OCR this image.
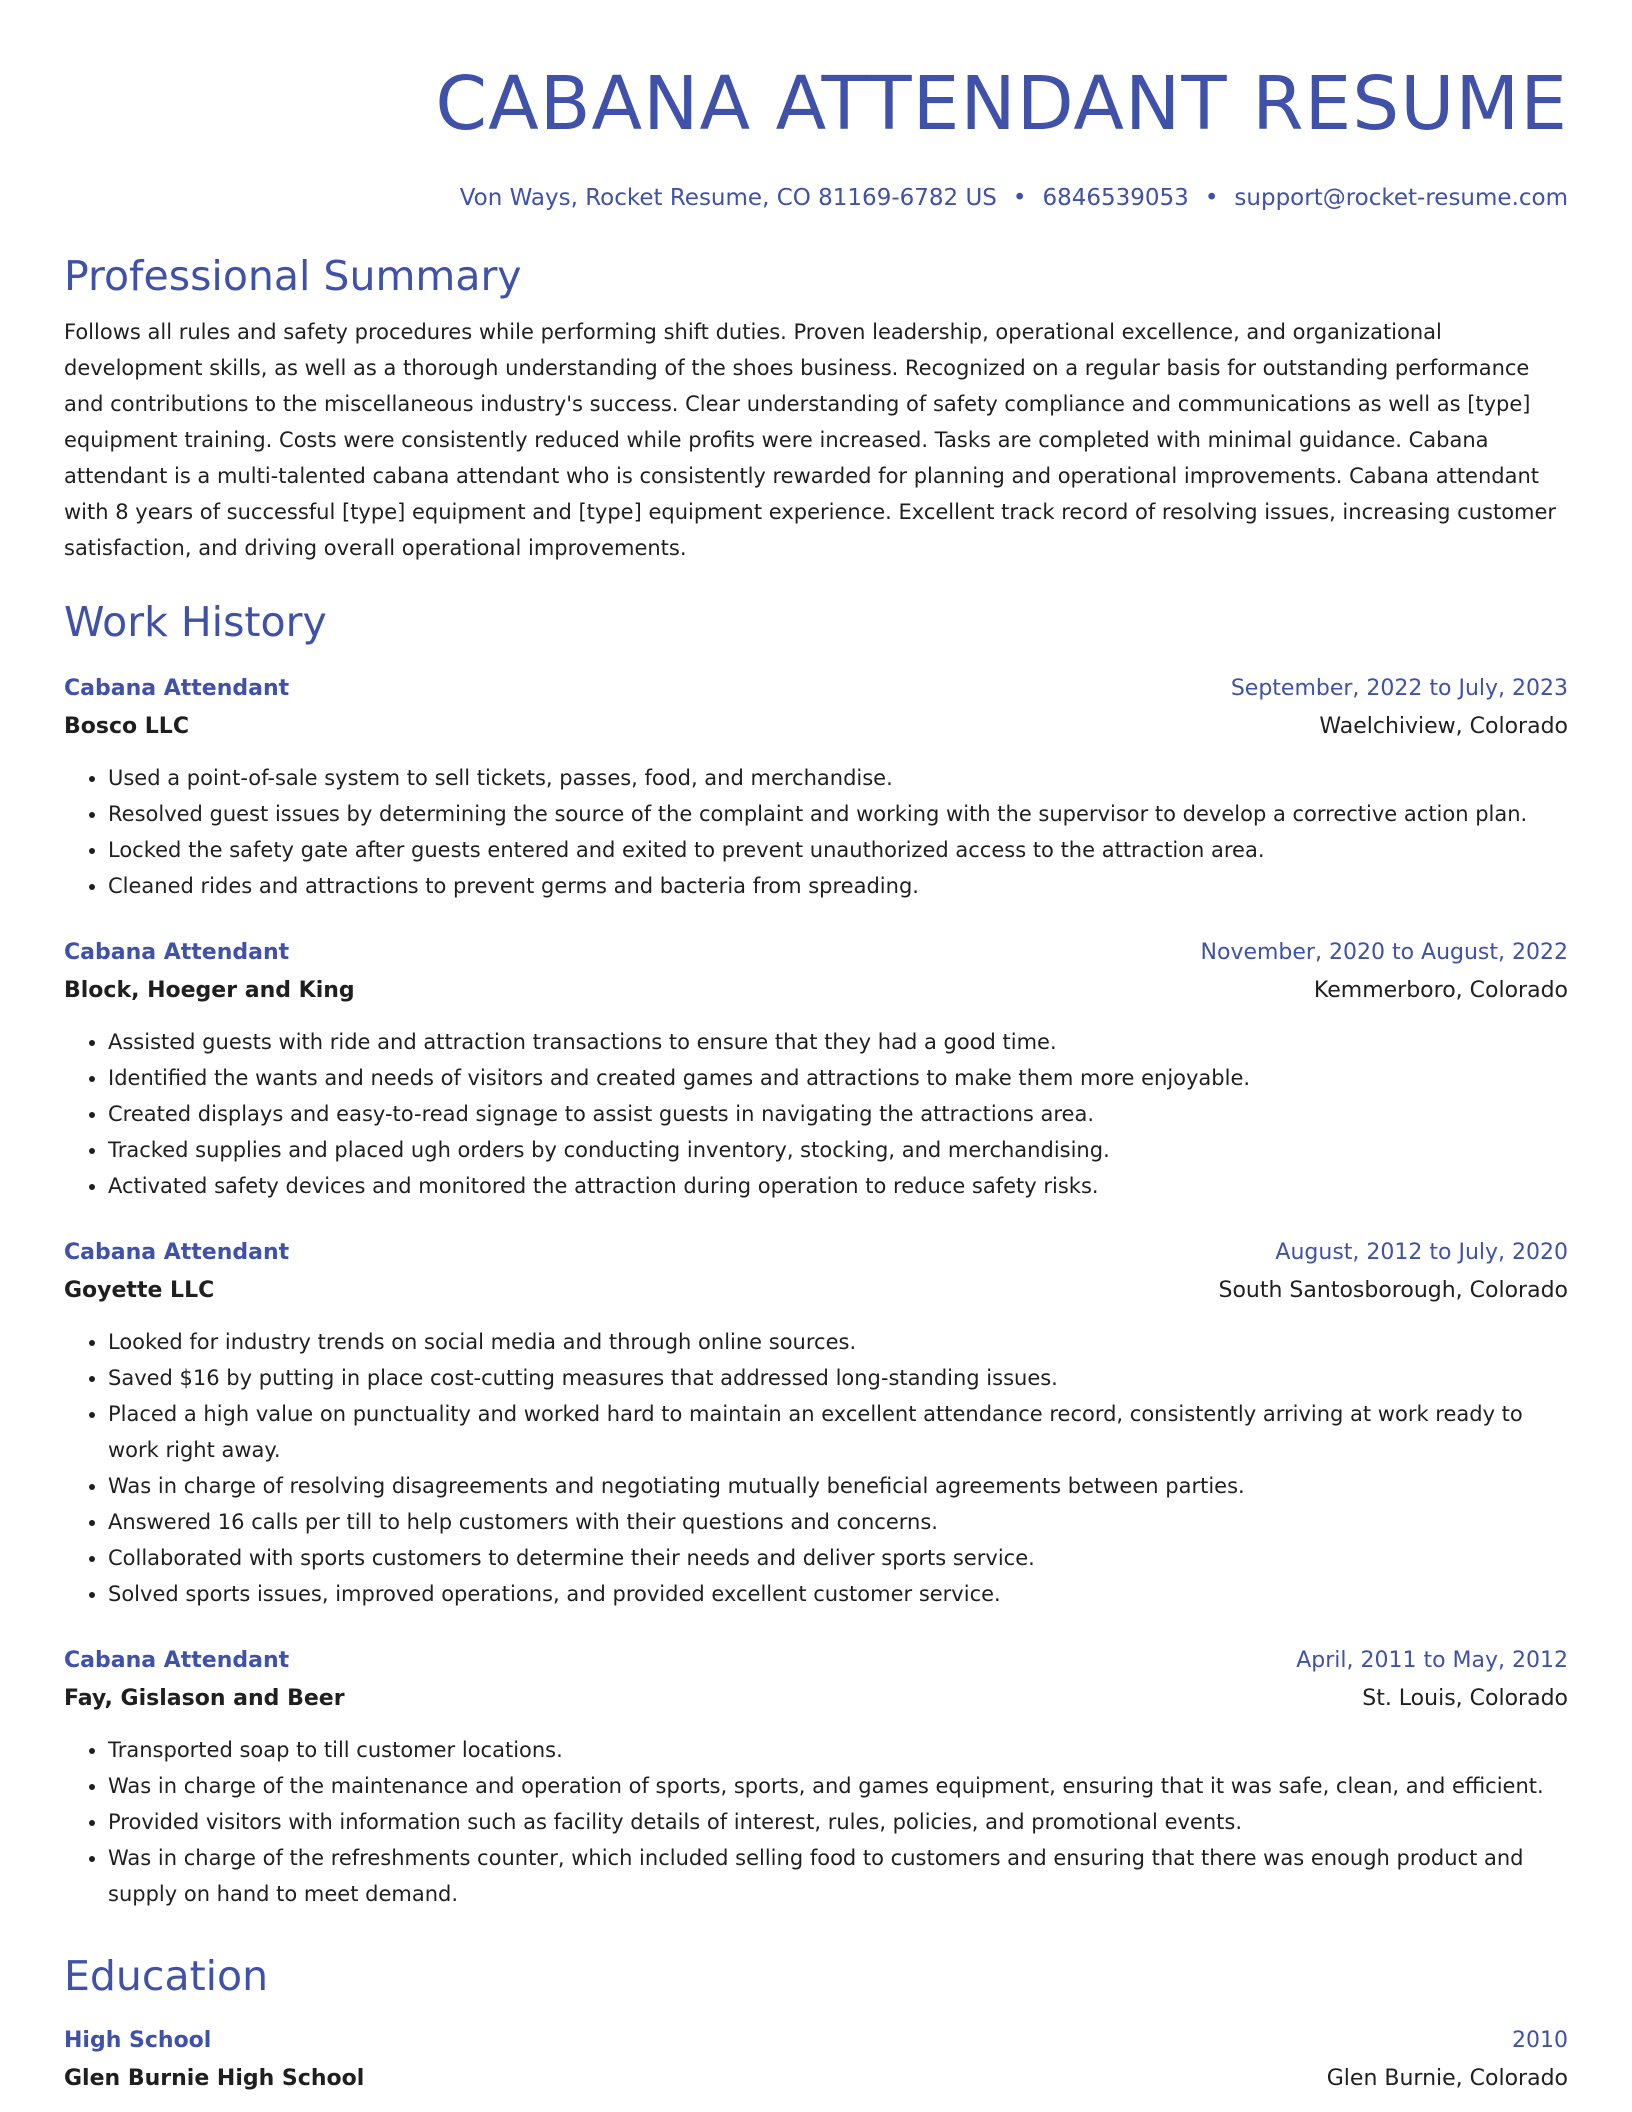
CABANA ATTENDANT RESUME
Von Ways, Rocket Resume, CO 81169-6782 US • 6846539053 • support@rocket-resume.com
Professional Summary
Follows all rules and safety procedures while performing shift duties. Proven leadership, operational excellence, and organizational development skills, as well as a thorough understanding of the shoes business. Recognized on a regular basis for outstanding performance and contributions to the miscellaneous industry's success. Clear understanding of safety compliance and communications as well as [type] equipment training. Costs were consistently reduced while profits were increased. Tasks are completed with minimal guidance. Cabana attendant is a multi-talented cabana attendant who is consistently rewarded for planning and operational improvements. Cabana attendant with 8 years of successful [type] equipment and [type] equipment experience. Excellent track record of resolving issues, increasing customer satisfaction, and driving overall operational improvements.
Work History
Cabana Attendant	September, 2022 to July, 2023
Bosco LLC	Waelchiview, Colorado
• Used a point-of-sale system to sell tickets, passes, food, and merchandise.
• Resolved guest issues by determining the source of the complaint and working with the supervisor to develop a corrective action plan.
• Locked the safety gate after guests entered and exited to prevent unauthorized access to the attraction area.
• Cleaned rides and attractions to prevent germs and bacteria from spreading.
Cabana Attendant	November, 2020 to August, 2022
Block, Hoeger and King	Kemmerboro, Colorado
• Assisted guests with ride and attraction transactions to ensure that they had a good time.
• Identified the wants and needs of visitors and created games and attractions to make them more enjoyable.
• Created displays and easy-to-read signage to assist guests in navigating the attractions area.
• Tracked supplies and placed ugh orders by conducting inventory, stocking, and merchandising.
• Activated safety devices and monitored the attraction during operation to reduce safety risks.
Cabana Attendant	August, 2012 to July, 2020
Goyette LLC	South Santosborough, Colorado
• Looked for industry trends on social media and through online sources.
• Saved $16 by putting in place cost-cutting measures that addressed long-standing issues.
• Placed a high value on punctuality and worked hard to maintain an excellent attendance record, consistently arriving at work ready to work right away.
• Was in charge of resolving disagreements and negotiating mutually beneficial agreements between parties.
• Answered 16 calls per till to help customers with their questions and concerns.
• Collaborated with sports customers to determine their needs and deliver sports service.
• Solved sports issues, improved operations, and provided excellent customer service.
Cabana Attendant	April, 2011 to May, 2012
Fay, Gislason and Beer	St. Louis, Colorado
• Transported soap to till customer locations.
• Was in charge of the maintenance and operation of sports, sports, and games equipment, ensuring that it was safe, clean, and efficient.
• Provided visitors with information such as facility details of interest, rules, policies, and promotional events.
• Was in charge of the refreshments counter, which included selling food to customers and ensuring that there was enough product and supply on hand to meet demand.
Education
High School	2010
Glen Burnie High School	Glen Burnie, Colorado
